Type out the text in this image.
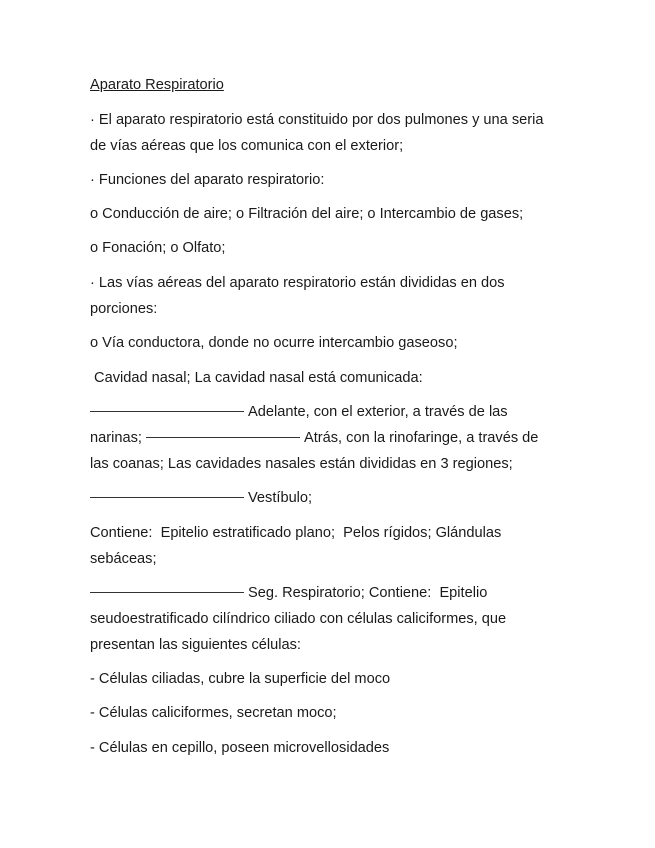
Aparato Respiratorio
· El aparato respiratorio está constituido por dos pulmones y una seria
de vías aéreas que los comunica con el exterior;
· Funciones del aparato respiratorio:
o Conducción de aire; o Filtración del aire; o Intercambio de gases;
o Fonación; o Olfato;
· Las vías aéreas del aparato respiratorio están divididas en dos
porciones:
o Vía conductora, donde no ocurre intercambio gaseoso;
Cavidad nasal; La cavidad nasal está comunicada:
Adelante, con el exterior, a través de las
narinas;	Atrás, con la rinofaringe, a través de
las coanas; Las cavidades nasales están divididas en 3 regiones;
Vestíbulo;
Contiene:  Epitelio estratificado plano;  Pelos rígidos; Glándulas
sebáceas;
Seg. Respiratorio; Contiene:  Epitelio
seudoestratificado cilíndrico ciliado con células caliciformes, que
presentan las siguientes células:
- Células ciliadas, cubre la superficie del moco
- Células caliciformes, secretan moco;
- Células en cepillo, poseen microvellosidades
